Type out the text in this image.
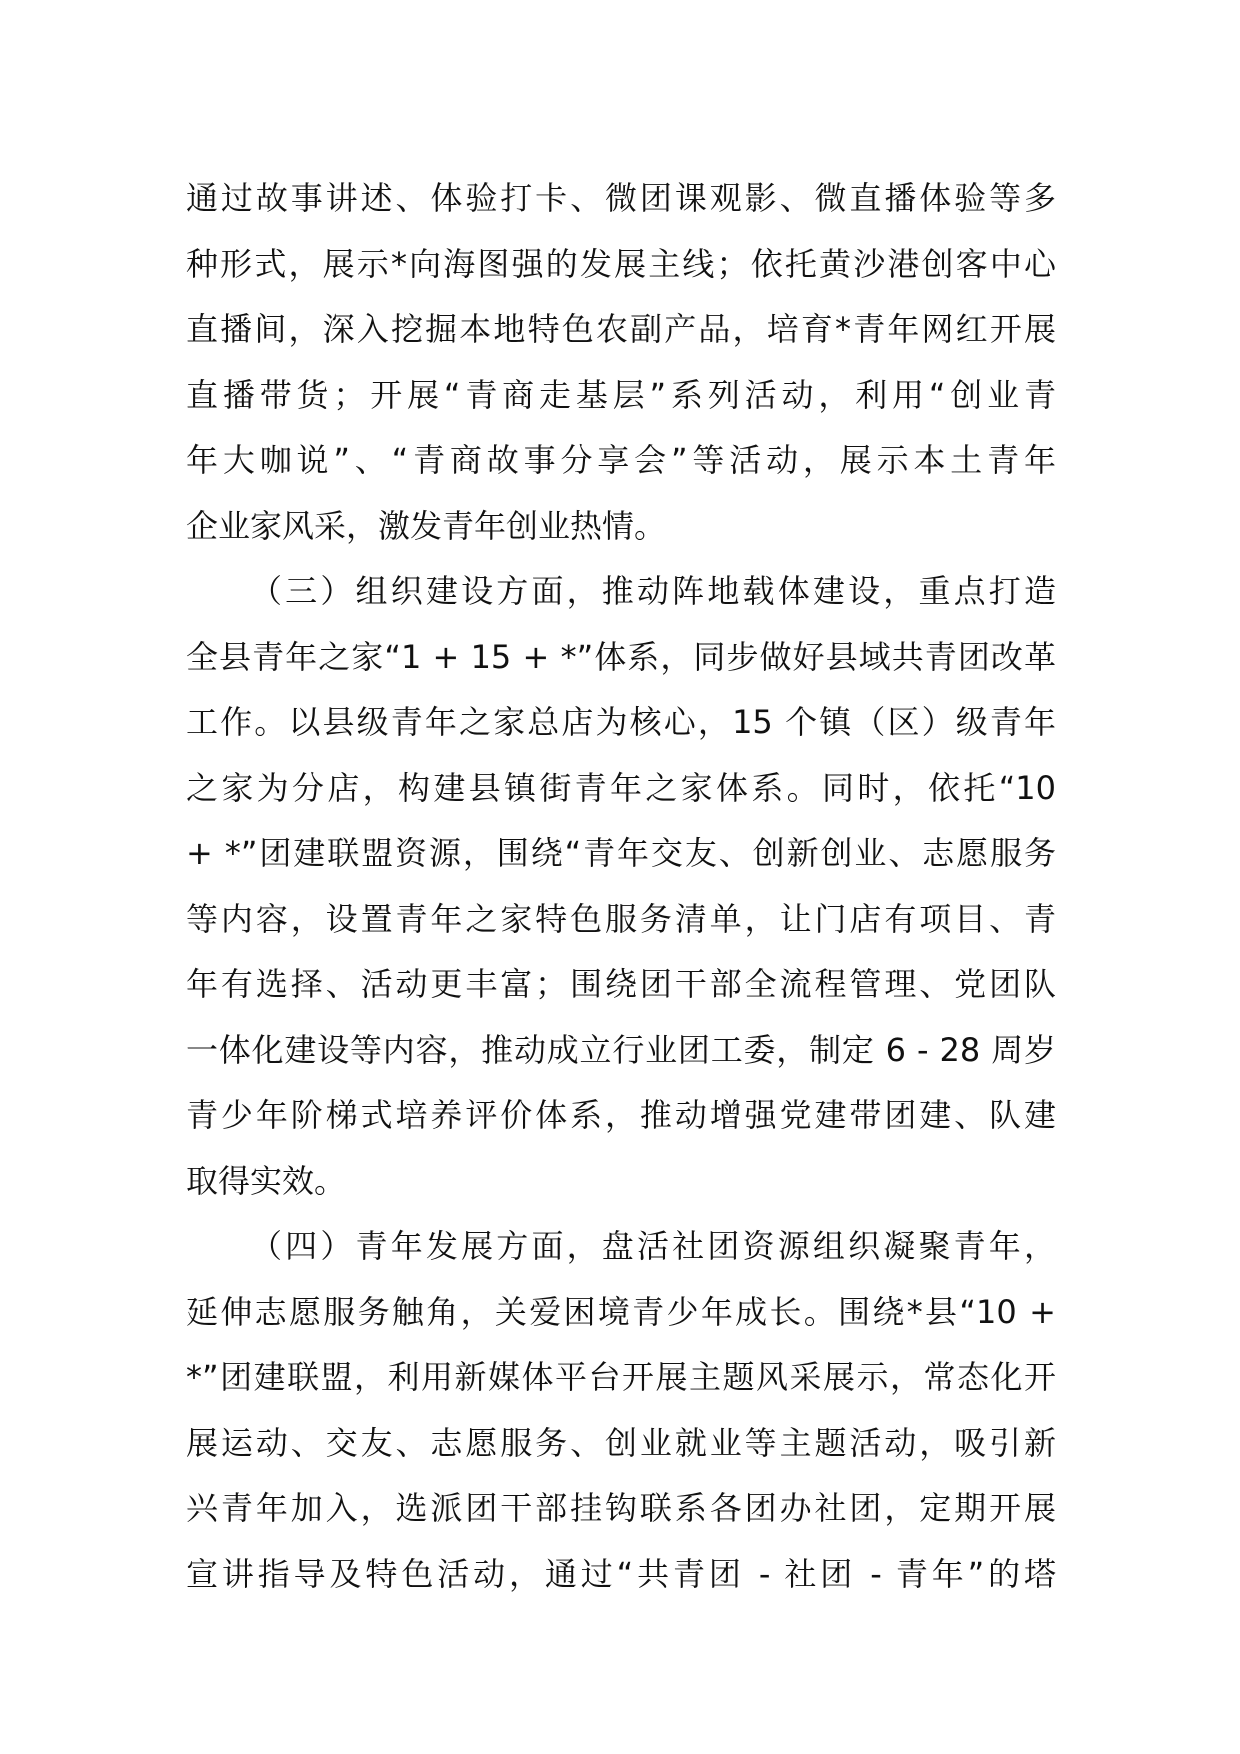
通过故事讲述、体验打卡、微团课观影、微直播体验等多
种形式，展示*向海图强的发展主线；依托黄沙港创客中心
直播间，深入挖掘本地特色农副产品，培育*青年网红开展
直播带货；开展“青商走基层”系列活动，利用“创业青
年大咖说”、“青商故事分享会”等活动，展示本土青年
企业家风采，激发青年创业热情。
（三）组织建设方面，推动阵地载体建设，重点打造
全县青年之家“1 + 15 + *”体系，同步做好县域共青团改革
工作。以县级青年之家总店为核心，15 个镇（区）级青年
之家为分店，构建县镇街青年之家体系。同时，依托“10
+ *”团建联盟资源，围绕“青年交友、创新创业、志愿服务
等内容，设置青年之家特色服务清单，让门店有项目、青
年有选择、活动更丰富；围绕团干部全流程管理、党团队
一体化建设等内容，推动成立行业团工委，制定 6 - 28 周岁
青少年阶梯式培养评价体系，推动增强党建带团建、队建
取得实效。
（四）青年发展方面，盘活社团资源组织凝聚青年，
延伸志愿服务触角，关爱困境青少年成长。围绕*县“10 +
*”团建联盟，利用新媒体平台开展主题风采展示，常态化开
展运动、交友、志愿服务、创业就业等主题活动，吸引新
兴青年加入，选派团干部挂钩联系各团办社团，定期开展
宣讲指导及特色活动，通过“共青团 - 社团 - 青年”的塔
